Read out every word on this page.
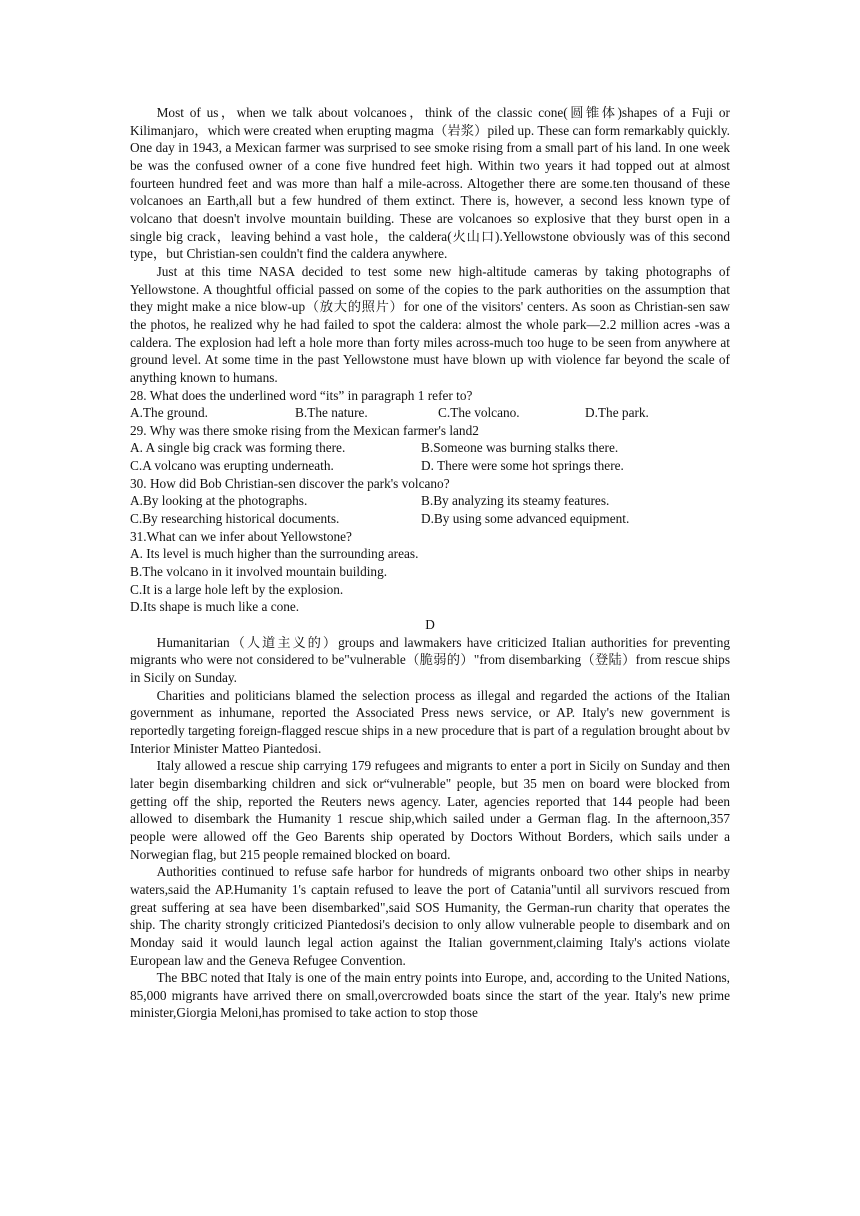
Most of us，when we talk about volcanoes，think of the classic cone(圆锥体)shapes of a Fuji or Kilimanjaro，which were created when erupting magma（岩浆）piled up. These can form remarkably quickly. One day in 1943, a Mexican farmer was surprised to see smoke rising from a small part of his land. In one week be was the confused owner of a cone five hundred feet high. Within two years it had topped out at almost fourteen hundred feet and was more than half a mile-across. Altogether there are some.ten thousand of these volcanoes an Earth,all but a few hundred of them extinct. There is, however, a second less known type of volcano that doesn't involve mountain building. These are volcanoes so explosive that they burst open in a single big crack，leaving behind a vast hole，the caldera(火山口).Yellowstone obviously was of this second type，but Christian-sen couldn't find the caldera anywhere.

Just at this time NASA decided to test some new high-altitude cameras by taking photographs of Yellowstone. A thoughtful official passed on some of the copies to the park authorities on the assumption that they might make a nice blow-up（放大的照片）for one of the visitors' centers. As soon as Christian-sen saw the photos, he realized why he had failed to spot the caldera: almost the whole park—2.2 million acres -was a caldera. The explosion had left a hole more than forty miles across-much too huge to be seen from anywhere at ground level. At some time in the past Yellowstone must have blown up with violence far beyond the scale of anything known to humans.

28. What does the underlined word “its” in paragraph 1 refer to?

A.The ground.	B.The nature.	C.The volcano.	D.The park.

29. Why was there smoke rising from the Mexican farmer's land2

A. A single big crack was forming there.	B.Someone was burning stalks there.
C.A volcano was erupting underneath.	D. There were some hot springs there.

30. How did Bob Christian-sen discover the park's volcano?

A.By looking at the photographs.	B.By analyzing its steamy features.
C.By researching historical documents.	D.By using some advanced equipment.

31.What can we infer about Yellowstone?

A. Its level is much higher than the surrounding areas.

B.The volcano in it involved mountain building.

C.It is a large hole left by the explosion.

D.Its shape is much like a cone.

D

Humanitarian（人道主义的）groups and lawmakers have criticized Italian authorities for preventing migrants who were not considered to be"vulnerable（脆弱的）"from disembarking（登陆）from rescue ships in Sicily on Sunday.

Charities and politicians blamed the selection process as illegal and regarded the actions of the Italian government as inhumane, reported the Associated Press news service, or AP. Italy's new government is reportedly targeting foreign-flagged rescue ships in a new procedure that is part of a regulation brought about bv Interior Minister Matteo Piantedosi.

Italy allowed a rescue ship carrying 179 refugees and migrants to enter a port in Sicily on Sunday and then later begin disembarking children and sick or“vulnerable" people, but 35 men on board were blocked from getting off the ship, reported the Reuters news agency. Later, agencies reported that 144 people had been allowed to disembark the Humanity 1 rescue ship,which sailed under a German flag. In the afternoon,357 people were allowed off the Geo Barents ship operated by Doctors Without Borders, which sails under a Norwegian flag, but 215 people remained blocked on board.

Authorities continued to refuse safe harbor for hundreds of migrants onboard two other ships in nearby waters,said the AP.Humanity 1's captain refused to leave the port of Catania"until all survivors rescued from great suffering at sea have been disembarked",said SOS Humanity, the German-run charity that operates the ship. The charity strongly criticized Piantedosi's decision to only allow vulnerable people to disembark and on Monday said it would launch legal action against the Italian government,claiming Italy's actions violate European law and the Geneva Refugee Convention.

The BBC noted that Italy is one of the main entry points into Europe, and, according to the United Nations, 85,000 migrants have arrived there on small,overcrowded boats since the start of the year. Italy's new prime minister,Giorgia Meloni,has promised to take action to stop those
